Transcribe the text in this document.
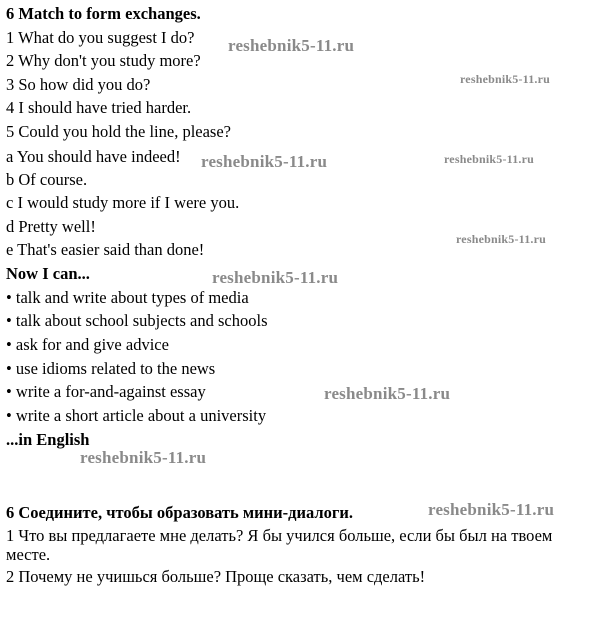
6 Match to form exchanges.
1 What do you suggest I do?
2 Why don't you study more?
3 So how did you do?
4 I should have tried harder.
5 Could you hold the line, please?
a You should have indeed!
b Of course.
c I would study more if I were you.
d Pretty well!
e That's easier said than done!
Now I can...
• talk and write about types of media
• talk about school subjects and schools
• ask for and give advice
• use idioms related to the news
• write a for-and-against essay
• write a short article about a university
...in English
6 Соедините, чтобы образовать мини-диалоги.
1 Что вы предлагаете мне делать? Я бы учился больше, если бы был на твоем
месте.
2 Почему не учишься больше? Проще сказать, чем сделать!
reshebnik5-11.ru
reshebnik5-11.ru
reshebnik5-11.ru	reshebnik5-11.ru
reshebnik5-11.ru
reshebnik5-11.ru
reshebnik5-11.ru
reshebnik5-11.ru
reshebnik5-11.ru
